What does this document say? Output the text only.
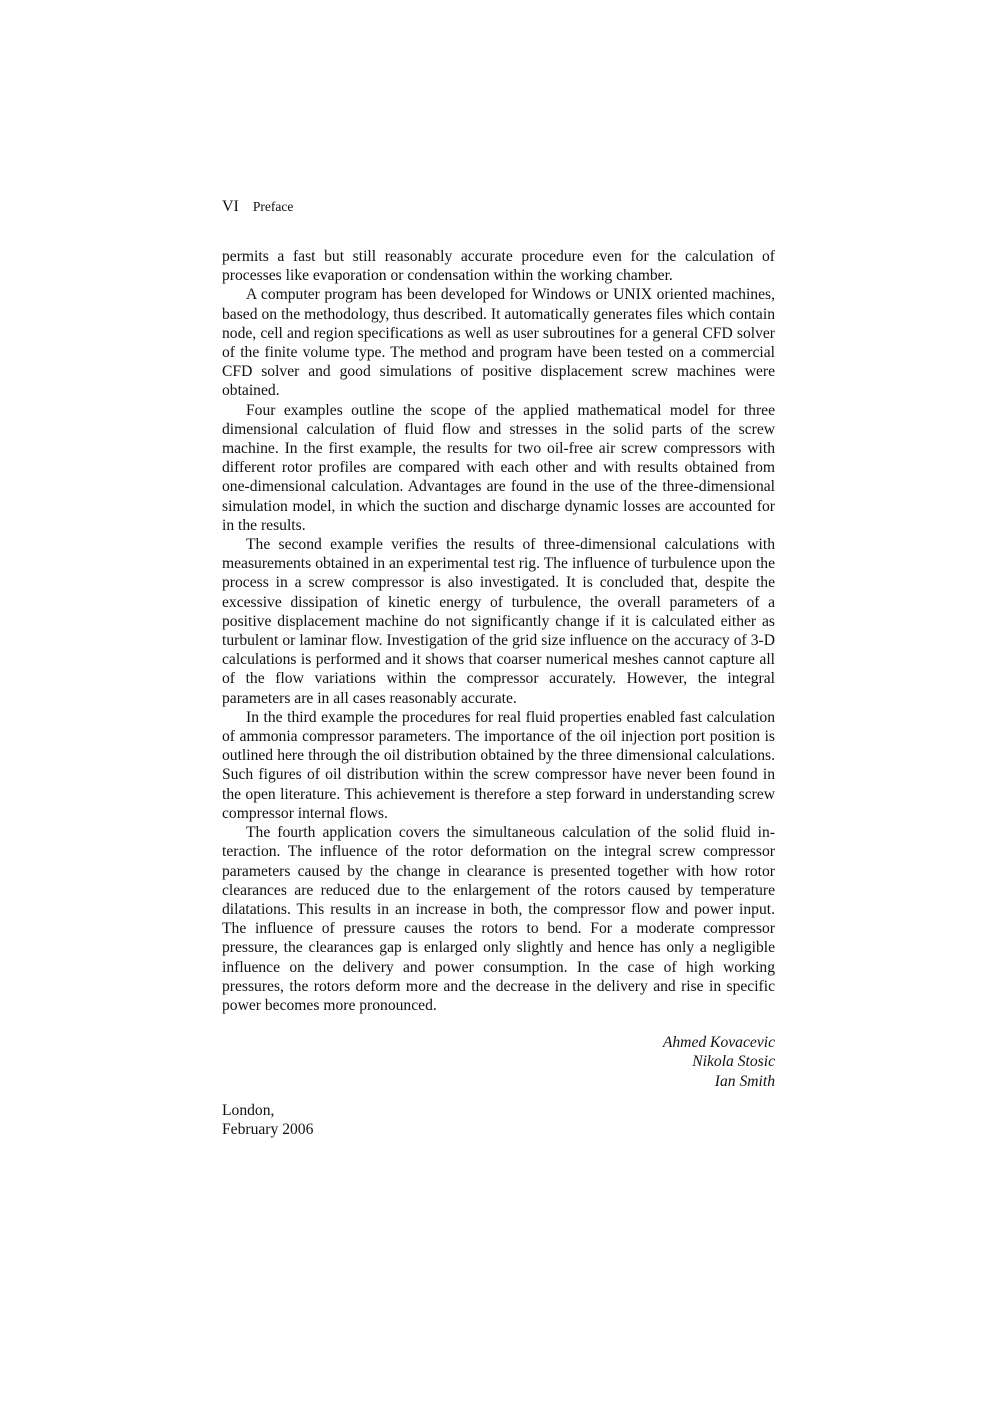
VI Preface

permits a fast but still reasonably accurate procedure even for the calculation of processes like evaporation or condensation within the working chamber.

A computer program has been developed for Windows or UNIX oriented machines, based on the methodology, thus described. It automatically generates files which contain node, cell and region specifications as well as user subroutines for a general CFD solver of the finite volume type. The method and program have been tested on a commercial CFD solver and good simulations of positive displacement screw machines were obtained.

Four examples outline the scope of the applied mathematical model for three dimensional calculation of fluid flow and stresses in the solid parts of the screw machine. In the first example, the results for two oil-free air screw compressors with different rotor profiles are compared with each other and with results obtained from one-dimensional calculation. Advantages are found in the use of the three-dimensional simulation model, in which the suction and discharge dynamic losses are accounted for in the results.

The second example verifies the results of three-dimensional calculations with measurements obtained in an experimental test rig. The influence of turbulence upon the process in a screw compressor is also investigated. It is concluded that, despite the excessive dissipation of kinetic energy of turbulence, the overall parameters of a positive displacement machine do not significantly change if it is calculated either as turbulent or laminar flow. Investigation of the grid size influence on the accuracy of 3-D calculations is performed and it shows that coarser numerical meshes cannot capture all of the flow variations within the compressor accurately. However, the integral parameters are in all cases reasonably accurate.

In the third example the procedures for real fluid properties enabled fast calculation of ammonia compressor parameters. The importance of the oil injection port position is outlined here through the oil distribution obtained by the three dimensional calculations. Such figures of oil distribution within the screw compressor have never been found in the open literature. This achievement is therefore a step forward in understanding screw compressor internal flows.

The fourth application covers the simultaneous calculation of the solid fluid interaction. The influence of the rotor deformation on the integral screw compressor parameters caused by the change in clearance is presented together with how rotor clearances are reduced due to the enlargement of the rotors caused by temperature dilatations. This results in an increase in both, the compressor flow and power input. The influence of pressure causes the rotors to bend. For a moderate compressor pressure, the clearances gap is enlarged only slightly and hence has only a negligible influence on the delivery and power consumption. In the case of high working pressures, the rotors deform more and the decrease in the delivery and rise in specific power becomes more pronounced.

Ahmed Kovacevic
Nikola Stosic
Ian Smith
London,
February 2006
